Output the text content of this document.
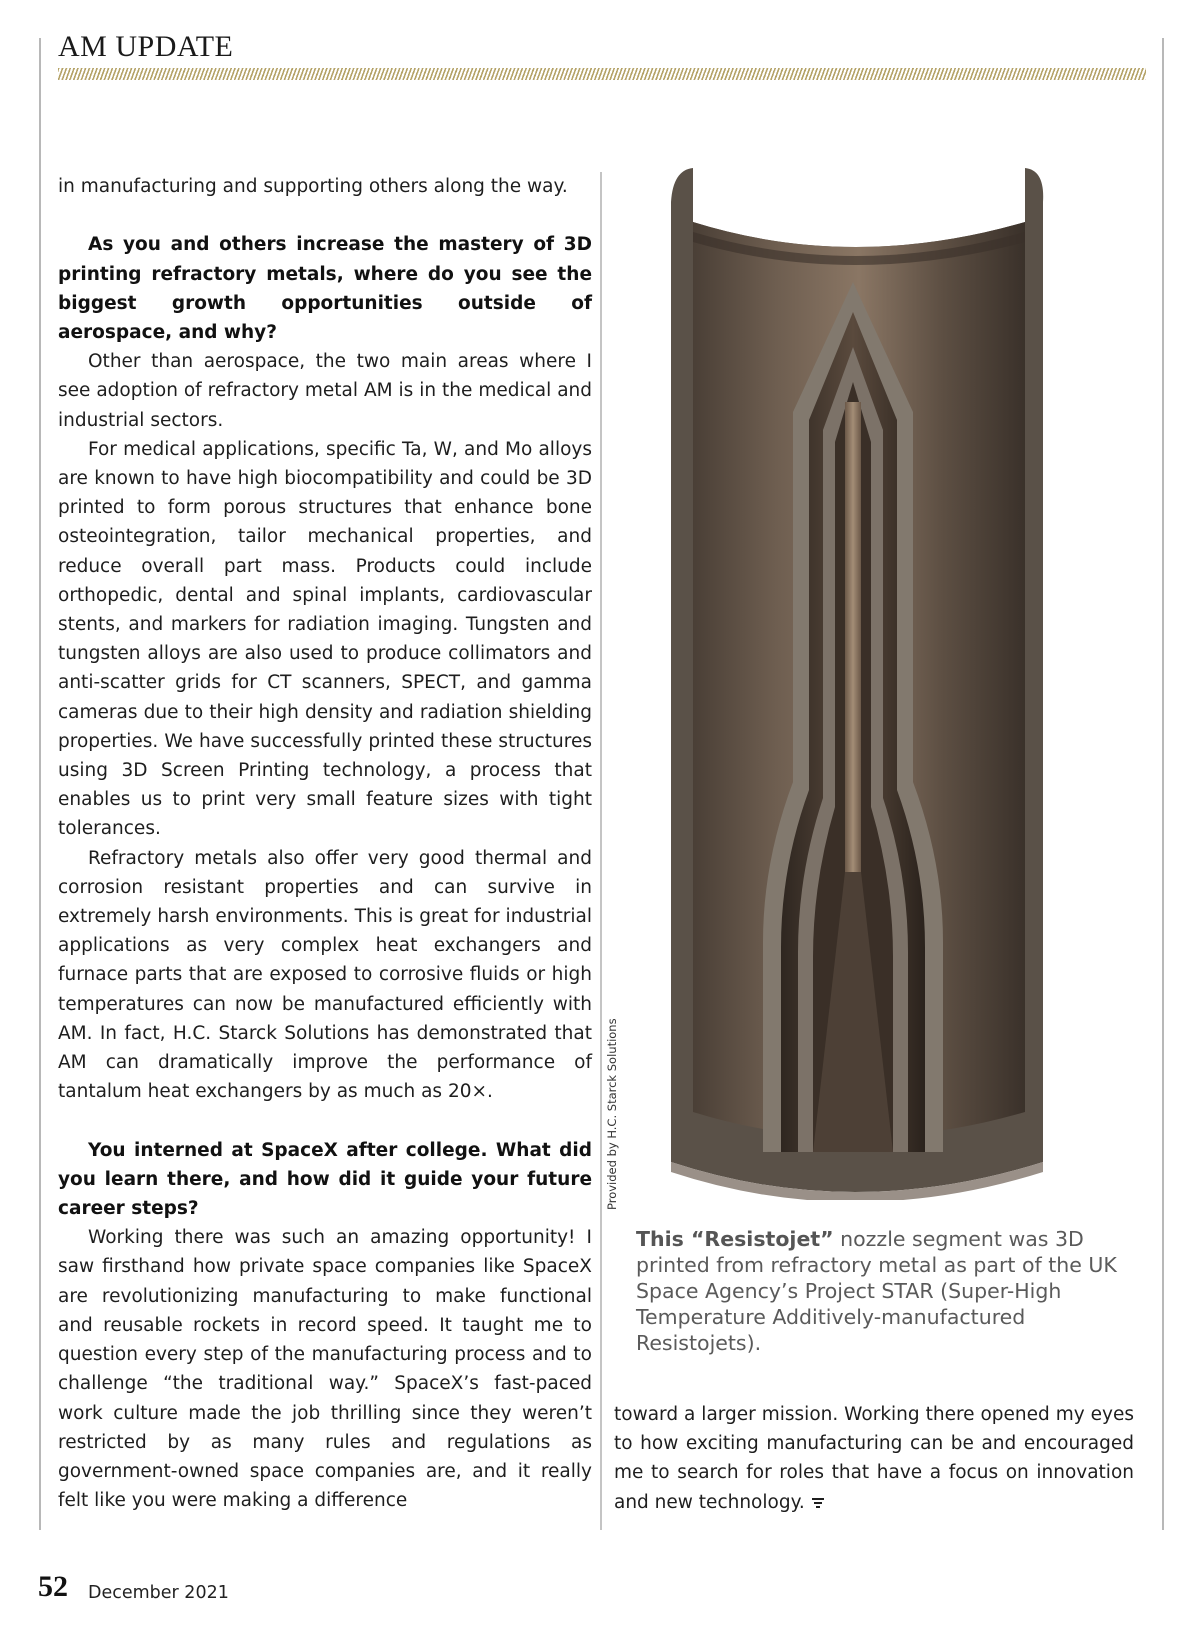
AM UPDATE

in manufacturing and supporting others along the way.

As you and others increase the mastery of 3D printing refractory metals, where do you see the biggest growth opportunities outside of aerospace, and why?

Other than aerospace, the two main areas where I see adoption of refractory metal AM is in the medical and industrial sectors.

For medical applications, specific Ta, W, and Mo alloys are known to have high biocompatibility and could be 3D printed to form porous structures that enhance bone osteointegration, tailor mechanical properties, and reduce overall part mass. Products could include orthopedic, dental and spinal implants, cardiovascular stents, and markers for radiation imaging. Tungsten and tungsten alloys are also used to produce collimators and anti-scatter grids for CT scanners, SPECT, and gamma cameras due to their high density and radiation shielding properties. We have successfully printed these structures using 3D Screen Printing technology, a process that enables us to print very small feature sizes with tight tolerances.

Refractory metals also offer very good thermal and corrosion resistant properties and can survive in extremely harsh environments. This is great for industrial applications as very complex heat exchangers and furnace parts that are exposed to corrosive fluids or high temperatures can now be manufactured efficiently with AM. In fact, H.C. Starck Solutions has demonstrated that AM can dramatically improve the performance of tantalum heat exchangers by as much as 20×.

You interned at SpaceX after college. What did you learn there, and how did it guide your future career steps?

Working there was such an amazing opportunity! I saw firsthand how private space companies like SpaceX are revolutionizing manufacturing to make functional and reusable rockets in record speed. It taught me to question every step of the manufacturing process and to challenge “the traditional way.” SpaceX’s fast-paced work culture made the job thrilling since they weren’t restricted by as many rules and regulations as government-owned space companies are, and it really felt like you were making a difference

Provided by H.C. Starck Solutions

This “Resistojet” nozzle segment was 3D printed from refractory metal as part of the UK Space Agency’s Project STAR (Super-High Temperature Additively-manufactured Resistojets).

toward a larger mission. Working there opened my eyes to how exciting manufacturing can be and encouraged me to search for roles that have a focus on innovation and new technology.

52 December 2021
